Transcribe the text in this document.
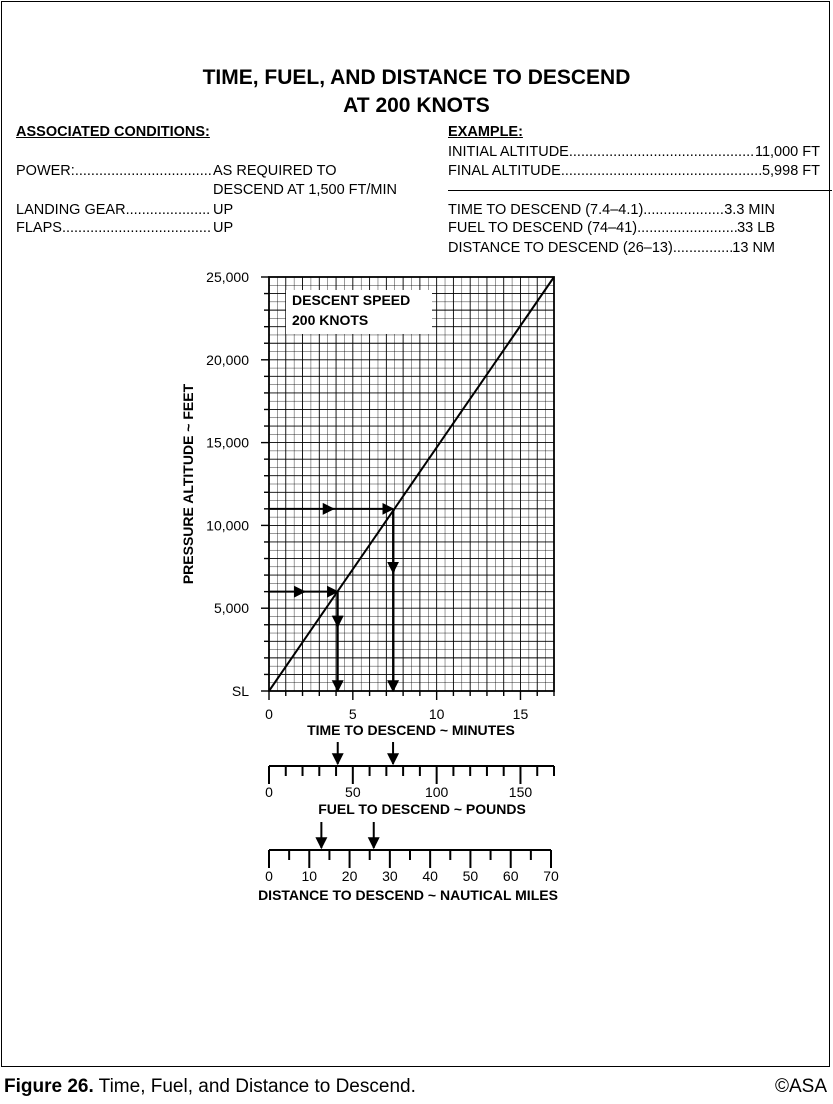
TIME, FUEL, AND DISTANCE TO DESCEND
AT 200 KNOTS
ASSOCIATED CONDITIONS:
POWER: .....	AS REQUIRED TO
DESCEND AT 1,500 FT/MIN
LANDING GEAR .....	UP
FLAPS .....	UP
EXAMPLE:
INITIAL ALTITUDE .....	11,000 FT
FINAL ALTITUDE .....	5,998 FT
TIME TO DESCEND (7.4–4.1) .....	3.3 MIN
FUEL TO DESCEND (74–41) .....	33 LB
DISTANCE TO DESCEND (26–13) .....	13 NM
SL
5,000
10,000
15,000
20,000
25,000
0	5	10	15
0	50	100	150
0 10 20 30 40 50 60 70
DESCENT SPEED
200 KNOTS
PRESSURE ALTITUDE ~ FEET
TIME TO DESCEND ~ MINUTES
FUEL TO DESCEND ~ POUNDS
DISTANCE TO DESCEND ~ NAUTICAL MILES
Figure 26. Time, Fuel, and Distance to Descend.	©ASA
